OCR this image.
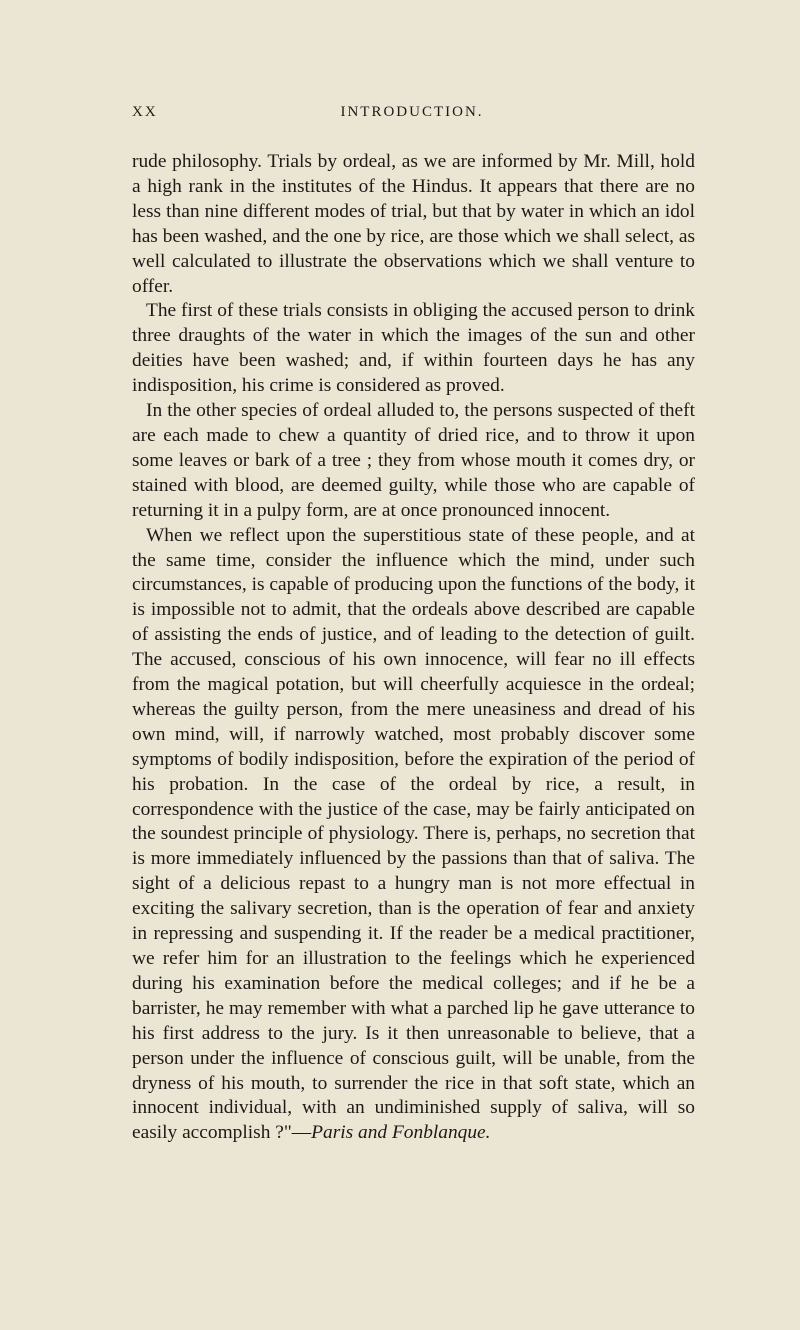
XX	INTRODUCTION.

rude philosophy. Trials by ordeal, as we are informed by Mr. Mill, hold a high rank in the institutes of the Hindus. It appears that there are no less than nine different modes of trial, but that by water in which an idol has been washed, and the one by rice, are those which we shall select, as well calculated to illustrate the observations which we shall venture to offer.

The first of these trials consists in obliging the accused person to drink three draughts of the water in which the images of the sun and other deities have been washed; and, if within fourteen days he has any indisposition, his crime is considered as proved.

In the other species of ordeal alluded to, the persons suspected of theft are each made to chew a quantity of dried rice, and to throw it upon some leaves or bark of a tree ; they from whose mouth it comes dry, or stained with blood, are deemed guilty, while those who are capable of returning it in a pulpy form, are at once pronounced innocent.

When we reflect upon the superstitious state of these people, and at the same time, consider the influence which the mind, under such circumstances, is capable of producing upon the functions of the body, it is impossible not to admit, that the ordeals above described are capable of assisting the ends of justice, and of leading to the detection of guilt. The accused, conscious of his own innocence, will fear no ill effects from the magical potation, but will cheerfully acquiesce in the ordeal; whereas the guilty person, from the mere uneasiness and dread of his own mind, will, if narrowly watched, most probably discover some symptoms of bodily indisposition, before the expiration of the period of his probation. In the case of the ordeal by rice, a result, in correspondence with the justice of the case, may be fairly anticipated on the soundest principle of physiology. There is, perhaps, no secretion that is more immediately influenced by the passions than that of saliva. The sight of a delicious repast to a hungry man is not more effectual in exciting the salivary secretion, than is the operation of fear and anxiety in repressing and suspending it. If the reader be a medical practitioner, we refer him for an illustration to the feelings which he experienced during his examination before the medical colleges; and if he be a barrister, he may remember with what a parched lip he gave utterance to his first address to the jury. Is it then unreasonable to believe, that a person under the influence of conscious guilt, will be unable, from the dryness of his mouth, to surrender the rice in that soft state, which an innocent individual, with an undiminished supply of saliva, will so easily accomplish ?"—Paris and Fonblanque.
